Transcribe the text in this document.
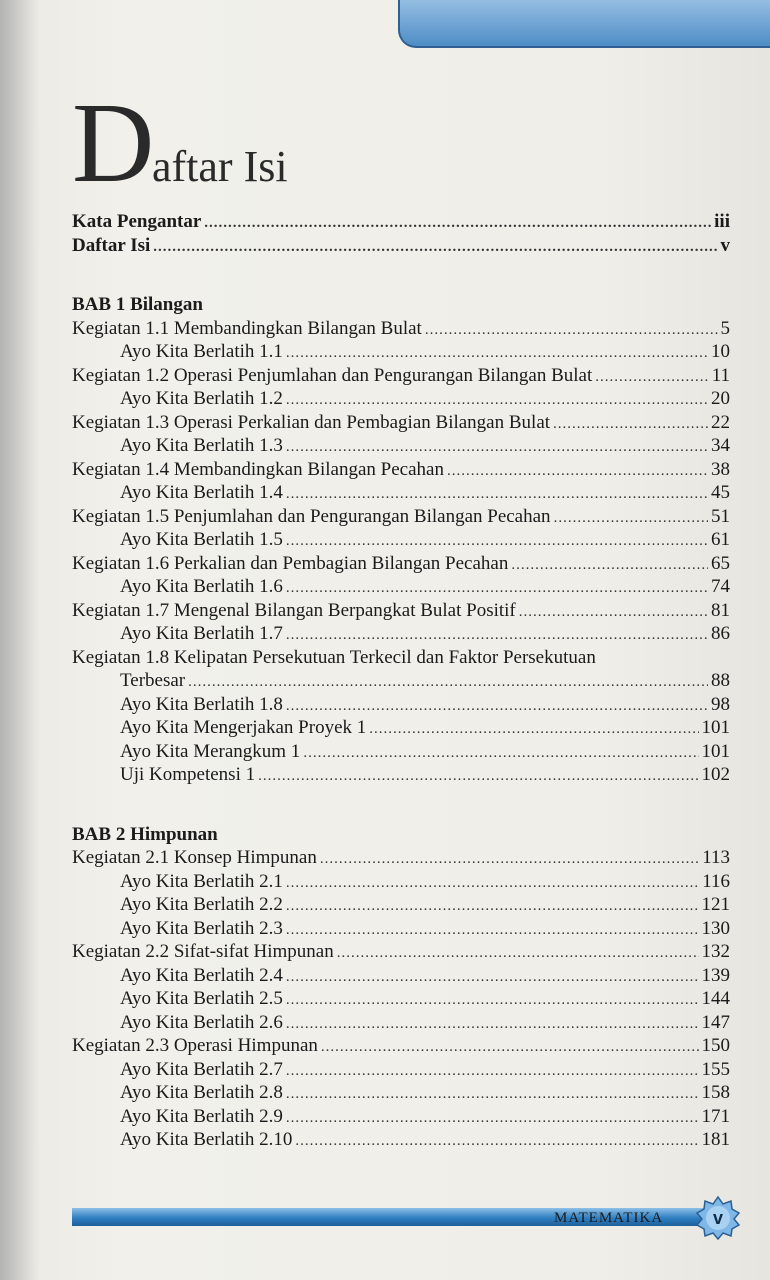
D
aftar Isi
Kata Pengantar .....	iii
Daftar Isi .....	v
BAB 1 Bilangan
Kegiatan 1.1 Membandingkan Bilangan Bulat .....	5
Ayo Kita Berlatih 1.1 .....	10
Kegiatan 1.2 Operasi Penjumlahan dan Pengurangan Bilangan Bulat .....	11
Ayo Kita Berlatih 1.2 .....	20
Kegiatan 1.3 Operasi Perkalian dan Pembagian Bilangan Bulat .....	22
Ayo Kita Berlatih 1.3 .....	34
Kegiatan 1.4 Membandingkan Bilangan Pecahan .....	38
Ayo Kita Berlatih 1.4 .....	45
Kegiatan 1.5 Penjumlahan dan Pengurangan Bilangan Pecahan .....	51
Ayo Kita Berlatih 1.5 .....	61
Kegiatan 1.6 Perkalian dan Pembagian Bilangan Pecahan .....	65
Ayo Kita Berlatih 1.6 .....	74
Kegiatan 1.7 Mengenal Bilangan Berpangkat Bulat Positif .....	81
Ayo Kita Berlatih 1.7 .....	86
Kegiatan 1.8 Kelipatan Persekutuan Terkecil dan Faktor Persekutuan
Terbesar .....	88
Ayo Kita Berlatih 1.8 .....	98
Ayo Kita Mengerjakan Proyek 1 .....	101
Ayo Kita Merangkum 1 .....	101
Uji Kompetensi 1 .....	102
BAB 2 Himpunan
Kegiatan 2.1 Konsep Himpunan .....	113
Ayo Kita Berlatih 2.1 .....	116
Ayo Kita Berlatih 2.2 .....	121
Ayo Kita Berlatih 2.3 .....	130
Kegiatan 2.2 Sifat-sifat Himpunan .....	132
Ayo Kita Berlatih 2.4 .....	139
Ayo Kita Berlatih 2.5 .....	144
Ayo Kita Berlatih 2.6 .....	147
Kegiatan 2.3 Operasi Himpunan .....	150
Ayo Kita Berlatih 2.7 .....	155
Ayo Kita Berlatih 2.8 .....	158
Ayo Kita Berlatih 2.9 .....	171
Ayo Kita Berlatih 2.10 .....	181
MATEMATIKA	v
